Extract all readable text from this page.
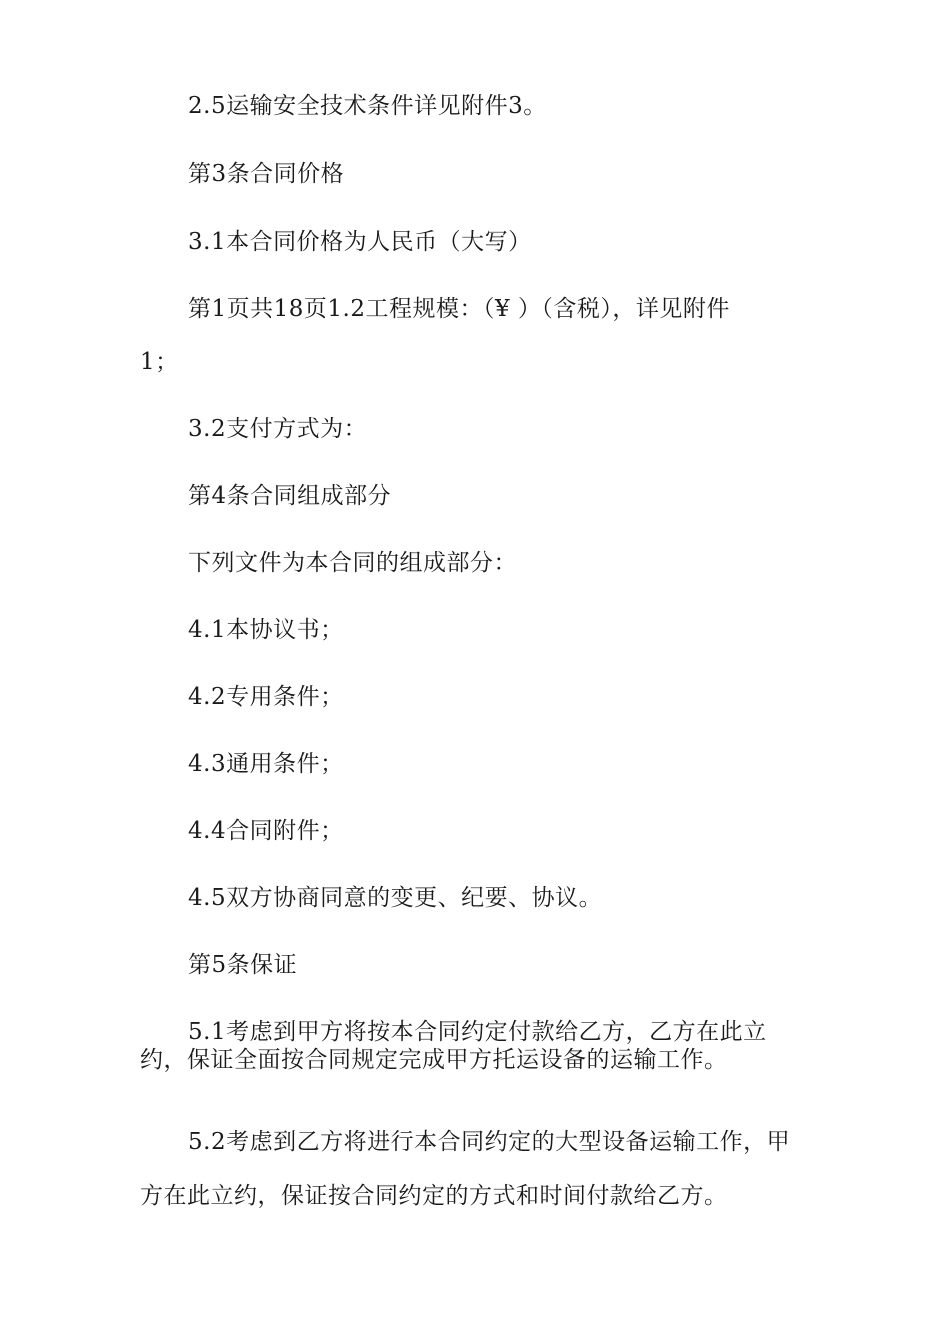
2.5运输安全技术条件详见附件3。
第3条合同价格
3.1本合同价格为人民币（大写）
第1页共18页1.2工程规模：（¥ ）（含税），详见附件
1；
3.2支付方式为：
第4条合同组成部分
下列文件为本合同的组成部分：
4.1本协议书；
4.2专用条件；
4.3通用条件；
4.4合同附件；
4.5双方协商同意的变更、纪要、协议。
第5条保证
5.1考虑到甲方将按本合同约定付款给乙方，乙方在此立
约，保证全面按合同规定完成甲方托运设备的运输工作。
5.2考虑到乙方将进行本合同约定的大型设备运输工作，甲
方在此立约，保证按合同约定的方式和时间付款给乙方。
